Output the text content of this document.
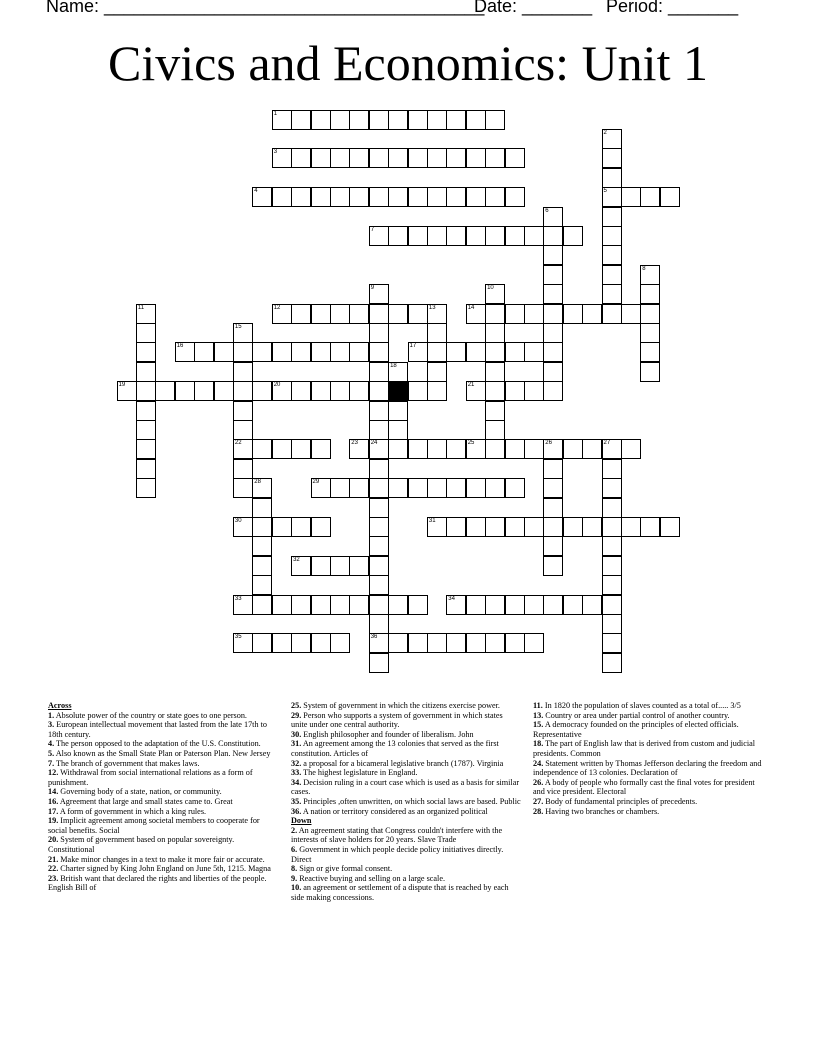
Name: ______________________________________
Date: _______ Period: _______
Civics and Economics: Unit 1
1
2
5
3
4
6
7
8
9	10
11	12	13	14
15
22
16	17
18
19	20	21
23 24
36
25	26	27
28	29
30	31
32
33	34
35

Across

1. Absolute power of the country or state goes to one person.

3. European intellectual movement that lasted from the late 17th to 18th century.

4. The person opposed to the adaptation of the U.S. Constitution.

5. Also known as the Small State Plan or Paterson Plan. New Jersey

7. The branch of government that makes laws.

12. Withdrawal from social international relations as a form of punishment.

14. Governing body of a state, nation, or community.

16. Agreement that large and small states came to. Great

17. A form of government in which a king rules.

19. Implicit agreement among societal members to cooperate for social benefits. Social

20. System of government based on popular sovereignty. Constitutional

21. Make minor changes in a text to make it more fair or accurate.

22. Charter signed by King John England on June 5th, 1215. Magna

23. British want that declared the rights and liberties of the people. English Bill of

25. System of government in which the citizens exercise power.

29. Person who supports a system of government in which states unite under one central authority.

30. English philosopher and founder of liberalism. John

31. An agreement among the 13 colonies that served as the first constitution. Articles of

32. a proposal for a bicameral legislative branch (1787). Virginia

33. The highest legislature in England.

34. Decision ruling in a court case which is used as a basis for similar cases.

35. Principles ,often unwritten, on which social laws are based. Public

36. A nation or territory considered as an organized political

Down

2. An agreement stating that Congress couldn't interfere with the interests of slave holders for 20 years. Slave Trade

6. Government in which people decide policy initiatives directly. Direct

8. Sign or give formal consent.

9. Reactive buying and selling on a large scale.

10. an agreement or settlement of a dispute that is reached by each side making concessions.

11. In 1820 the population of slaves counted as a total of..... 3/5

13. Country or area under partial control of another country.

15. A democracy founded on the principles of elected officials. Representative

18. The part of English law that is derived from custom and judicial presidents. Common

24. Statement written by Thomas Jefferson declaring the freedom and independence of 13 colonies. Declaration of

26. A body of people who formally cast the final votes for president and vice president. Electoral

27. Body of fundamental principles of precedents.

28. Having two branches or chambers.
